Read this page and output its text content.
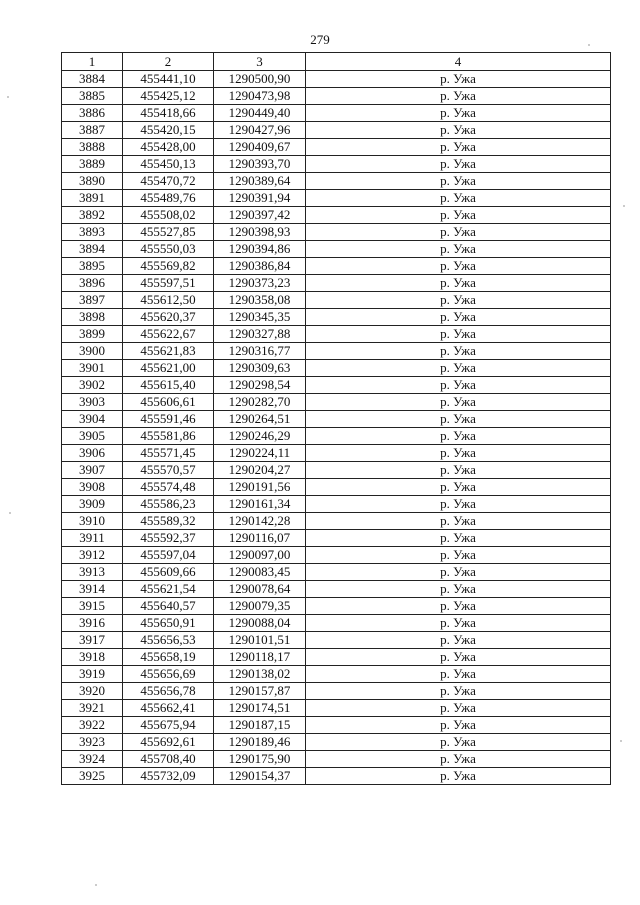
279
1	2	3	4
3884	455441,10	1290500,90	р. Ужа
3885	455425,12	1290473,98	р. Ужа
3886	455418,66	1290449,40	р. Ужа
3887	455420,15	1290427,96	р. Ужа
3888	455428,00	1290409,67	р. Ужа
3889	455450,13	1290393,70	р. Ужа
3890	455470,72	1290389,64	р. Ужа
3891	455489,76	1290391,94	р. Ужа
3892	455508,02	1290397,42	р. Ужа
3893	455527,85	1290398,93	р. Ужа
3894	455550,03	1290394,86	р. Ужа
3895	455569,82	1290386,84	р. Ужа
3896	455597,51	1290373,23	р. Ужа
3897	455612,50	1290358,08	р. Ужа
3898	455620,37	1290345,35	р. Ужа
3899	455622,67	1290327,88	р. Ужа
3900	455621,83	1290316,77	р. Ужа
3901	455621,00	1290309,63	р. Ужа
3902	455615,40	1290298,54	р. Ужа
3903	455606,61	1290282,70	р. Ужа
3904	455591,46	1290264,51	р. Ужа
3905	455581,86	1290246,29	р. Ужа
3906	455571,45	1290224,11	р. Ужа
3907	455570,57	1290204,27	р. Ужа
3908	455574,48	1290191,56	р. Ужа
3909	455586,23	1290161,34	р. Ужа
3910	455589,32	1290142,28	р. Ужа
3911	455592,37	1290116,07	р. Ужа
3912	455597,04	1290097,00	р. Ужа
3913	455609,66	1290083,45	р. Ужа
3914	455621,54	1290078,64	р. Ужа
3915	455640,57	1290079,35	р. Ужа
3916	455650,91	1290088,04	р. Ужа
3917	455656,53	1290101,51	р. Ужа
3918	455658,19	1290118,17	р. Ужа
3919	455656,69	1290138,02	р. Ужа
3920	455656,78	1290157,87	р. Ужа
3921	455662,41	1290174,51	р. Ужа
3922	455675,94	1290187,15	р. Ужа
3923	455692,61	1290189,46	р. Ужа
3924	455708,40	1290175,90	р. Ужа
3925	455732,09	1290154,37	р. Ужа
